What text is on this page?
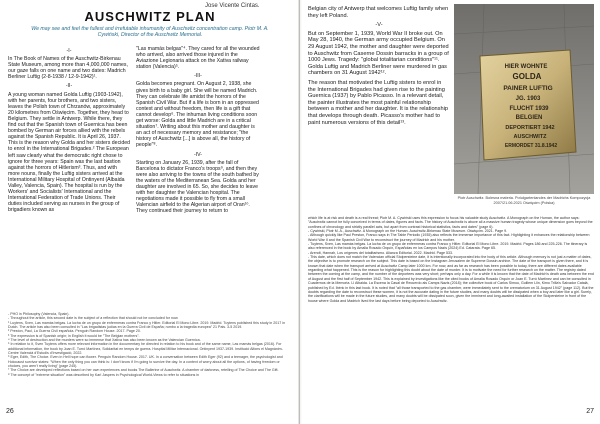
Jose Vicente Cintas.
AUSCHWITZ PLAN
We may see and feel the fullest and irrefutable inhumanity of Auschwitz concentration camp. Piotr M. A. Cywiński, Director of the Auschwitz Memorial.

-I-

In The Book of Names of the Auschwitz-Birkenau State Museum, among more than 4,000,000 names, our gaze falls on one name and two dates: Madrich Berliner Luftig (2-8-1938 / 12-9-1942)¹.

-II-

A young woman named Golda Luftig (1903-1942), with her parents, four brothers, and two sisters, leaves the Polish town of Chrzanów, approximately 20 kilometres from Oświęcim. Together, they head to Belgium. They settle in Antwerp. While there, they find out that the Spanish town of Guernica has been bombed by German air forces allied with the rebels against the Spanish Republic. It is April 26, 1937. This is the reason why Golda and her sisters decided to enrol in the International Brigades.² The European left saw clearly what the democratic right chose to ignore for three years: Spain was the last bastion against the horrors of Hitlerism³. Thus, and with more nouns, finally the Luftig sisters arrived at the International Military Hospital of Ontinyent (Albaida Valley, Valencia, Spain). The hospital is run by the Workers' and Socialists' International and the International Federation of Trade Unions. Their duties included serving as nurses in the group of brigadiers known as

"Las mamás belgas"⁴. They cared for all the wounded who arrived, also arrived those injured in the Aviazione Legionaria attack on the Xativa railway station (Valencia)⁵.

-III-

Golda becomes pregnant. On August 2, 1938, she gives birth to a baby girl. She will be named Madrich. They can celebrate life amidst the horrors of the Spanish Civil War. But if a life is born in an oppressed context and without freedom, then life is a gift that cannot develop⁶. The inhuman living conditions soon get worse: Golda and little Madrich are in a critical situation⁷. Writing about this mother and daughter is an act of necessary memory and resistance; "the history of Auschwitz [...] is above all, the history of people"⁸.

-IV-

Starting on January 26, 1939, after the fall of Barcelona to dictator Franco's troops⁹, and then they were also arriving to the towns of the south bathed by the waters of the Mediterranean Sea. Golda and her daughter are involved in 65. So, she decides to leave with her daughter the Valencian hospital. The negotiations made it possible to fly from a small Valencian airfield to the Algerian airport of Oran¹⁰. They continued their journey to return to

- PHO in Philosophy (Valencia, Spain).

- Throughout the article, this second date is the subject of a reflection that should not be concluded for now.

¹ Luytens, Sven, Las mamás belgas. La lucha de un grupo de enfermeras contra Franco y Hitler. Editorial El Mono Libre. 2019. Madrid. Tuytens published this study in 2017 in Dutch. The article has also been consulted in "Las brigadistas judías en la Guerra Civil de España; rumbo a la tragedia europea" 21 Pais. 3-5 2019.

² Preston, Paul, La Guerra Civil española. Penguin Random House. 2017. Page 20.

³ The expression is of Spanish origin; in English it would be "The Belgian mothers".

⁴ The level of destruction and the murders were so immense that Xativa has also been known as the Valencian Guernica.

⁵ In relation to it, Sven Tuytens offers more relevant information in the documentary he directed in relation to his book and of the same name, Las mamás belgas (2016). For additional information, the book by Joan E. Turró Martínez, Solidaritat en temps de guerra. Hospital Militar Internacional. Ontinyent 1937-1939. Institució Alfons el Magnànim-Centre Valencià d'Estudis d'Investigació, 2022.

⁶ Eger, Edith, The Choice. Even in Hell hope can flower. Penguin Random House. 2017. UK. In a conversation between Edith Eger (92) and a teenager, the psychologist and Holocaust survivor states: "When the only thing you can think is: I don't know if I'm going to survive the day. In a context of worry about all the options, of having freedom or choices, you aren't really living" (page 245).

⁷ The Choice are developed reflections based on her own experiences and books The Ballerine of Auschwitz. A chamber of darkness, retelling of The Choice and The Gift.

⁸ The concept of "extreme situation" was described by Karl Jaspers in Psychological World-Views to refer to situations in

26

Belgian city of Antwerp that welcomes Luftig family when they left Poland.

-V-

But on September 1, 1939, World War II broke out. On May 28, 1940, the German army occupied Belgium. On 29 August 1942, the mother and daughter were deported to Auschwitz from Caserne Dossin barracks in a group of 1000 Jews. Tragedy: "global totalitarian conditions"¹¹. Golda Luftig and Madrich Berliner were murdered in gas chambers on 31 August 1942¹².

The reason that motivated the Luftig sisters to enrol in the International Brigades had given rise to the painting Guernica (1937) by Pablo Picasso. In a relevant detail, the painter illustrates the most painful relationship between a mother and her daughter. It is the relationship that develops through death. Picasso's mother had to paint numerous versions of this detail¹³.

HIER WOHNTE
GOLDA
PAINER LUFTIG
JG. 1903
FLUCHT 1939
BELGIEN
DEPORTIERT 1942
AUSCHWITZ
ERMORDET 31.8.1942
Piotr Auschwitz. Bolesna materia. Potulgartenlandes der Madrichs Kompozycja 2007/21.06.2021 Oświęcim (Polska)

which life is at risk and death is a real threat; Piotr M. A. Cywiński uses this expression to focus his valuable study Auschwitz. A Monograph on the Human, the author says: "Auschwitz cannot be fully conceived in terms of dates, figures and facts. The history of Auschwitz is above all a massive human tragedy whose unique dimension goes beyond the confines of chronology and strictly parallel acts, but apart from contrast historical statistics, facts and dates" (page 6).

- Cywiński, Piotr M. A., Auschwitz. A Monograph on the Human. Auschwitz-Birkenau State Museum. Oświęcim. 2021. Page 9.

- Although quickly like Paul Preston, Franco says in The Table Periodic (1935) also reflects the immense importance of this fact. Highlighting it enhances the relationship between World War II and the Spanish Civil War to reconstruct the journey of Madrich and his mother.

- Tuytens, Sven, Las mamás belgas. La lucha de un grupo de enfermeras contra Franco y Hitler. Editorial El Mono Libre. 2019. Madrid. Pages 186 and 225-226. The itinerary is also referenced in the book by Amalia Rosado Orquín, Españolas en los Campos Nazis (2024) Ed. Catarata. Page 65.

- Arendt, Hannah, Los orígenes del totalitarismo. Alianza Editorial. 2022. Madrid. Page 533.

- This date, which does not match the Valencian official Stolpersteine date, it is intentionally incorporated into the body of this article. Although memory is not just a matter of dates, the objective is to promote research on the subject. This date is based on the Instagram Jerusalem de Supreme Dossin archive. The date of the transport is given there, and it is known that date when the transport arrived at Auschwitz Camp later 1000 km. For now, and as far as research has been possible to today, there are different dates available regarding what happened. This is the reason for highlighting this doubt about the date of murder. It is to motivate the need for further research on the matter. The registry dated between the coming at the camp, and the number of the deportees was very short; perhaps only a day. For a while it is known that the date of Madrich's death was between the end of August and the first half of September 1942. This is explained by investigations like the cited books of Amalia Rosado Orquín or Joan E. Turró Martínez and can be consulted in Cuadernos de la Memoria. Ll Albaida. La Escena la Casal de Recuerdo als Camps Nazis (2018); the collective book of Carlos Simou, Guillem Llin, Kimo Trilla's Salvador Catalá, published by Ed. Ibéric in this last book. It is noted that "all those transported to the gas chamber, were immediately sent to the crematorium on 31 August 1942" (page 112). But the doubts regarding the date to reconstruct these women, it is not the accurate dating in the future studies, and many doubts will be dissipated when a boy and later like a girl. Surely, the clarifications will be made in the future studies, and many doubts will be dissipated soon, given the imminent and long-awaited installation of the Stolpersteine in front of the house where Golda and Madrich lived the last days before being deported to Auschwitz.

27
